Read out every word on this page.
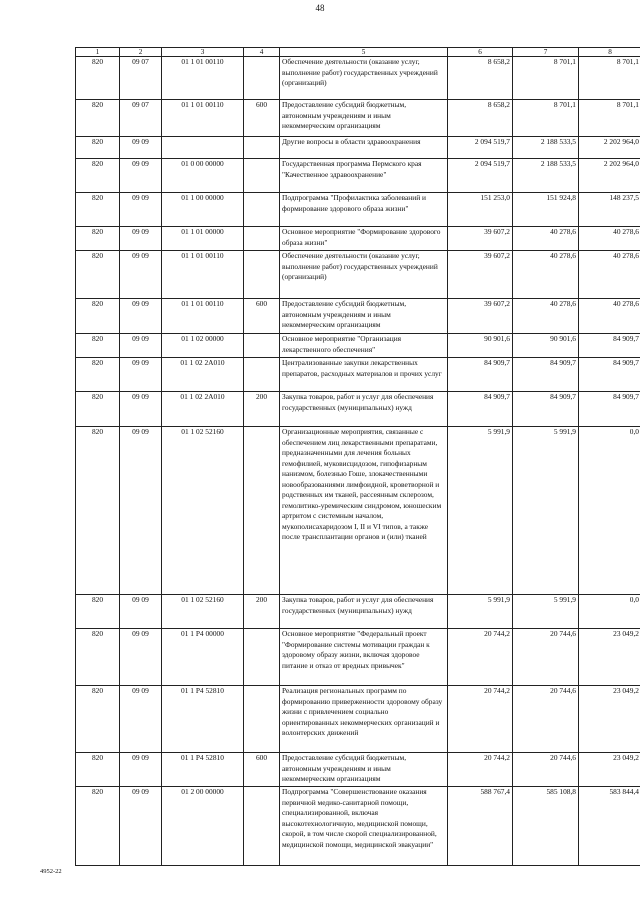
48
1	2	3	4	5	6	7	8
820	09 07	01 1 01 00110		Обеспечение деятельности (оказание услуг, выполнение работ) государственных учреждений (организаций)	8 658,2	8 701,1	8 701,1
820	09 07	01 1 01 00110	600	Предоставление субсидий бюджетным, автономным учреждениям и иным некоммерческим организациям	8 658,2	8 701,1	8 701,1
820	09 09			Другие вопросы в области здравоохранения	2 094 519,7	2 188 533,5	2 202 964,0
820	09 09	01 0 00 00000		Государственная программа Пермского края "Качественное здравоохранение"	2 094 519,7	2 188 533,5	2 202 964,0
820	09 09	01 1 00 00000		Подпрограмма "Профилактика заболеваний и формирование здорового образа жизни"	151 253,0	151 924,8	148 237,5
820	09 09	01 1 01 00000		Основное мероприятие "Формирование здорового образа жизни"	39 607,2	40 278,6	40 278,6
820	09 09	01 1 01 00110		Обеспечение деятельности (оказание услуг, выполнение работ) государственных учреждений (организаций)	39 607,2	40 278,6	40 278,6
820	09 09	01 1 01 00110	600	Предоставление субсидий бюджетным, автономным учреждениям и иным некоммерческим организациям	39 607,2	40 278,6	40 278,6
820	09 09	01 1 02 00000		Основное мероприятие "Организация лекарственного обеспечения"	90 901,6	90 901,6	84 909,7
820	09 09	01 1 02 2A010		Централизованные закупки лекарственных препаратов, расходных материалов и прочих услуг	84 909,7	84 909,7	84 909,7
820	09 09	01 1 02 2A010	200	Закупка товаров, работ и услуг для обеспечения государственных (муниципальных) нужд	84 909,7	84 909,7	84 909,7
820	09 09	01 1 02 52160		Организационные мероприятия, связанные с обеспечением лиц лекарственными препаратами, предназначенными для лечения больных гемофилией, муковисцидозом, гипофизарным нанизмом, болезнью Гоше, злокачественными новообразованиями лимфоидной, кроветворной и родственных им тканей, рассеянным склерозом, гемолитико-уремическим синдромом, юношеским артритом с системным началом, мукополисахаридозом I, II и VI типов, а также после трансплантации органов и (или) тканей	5 991,9	5 991,9	0,0
820	09 09	01 1 02 52160	200	Закупка товаров, работ и услуг для обеспечения государственных (муниципальных) нужд	5 991,9	5 991,9	0,0
820	09 09	01 1 P4 00000		Основное мероприятие "Федеральный проект "Формирование системы мотивации граждан к здоровому образу жизни, включая здоровое питание и отказ от вредных привычек"	20 744,2	20 744,6	23 049,2
820	09 09	01 1 P4 52810		Реализация региональных программ по формированию приверженности здоровому образу жизни с привлечением социально ориентированных некоммерческих организаций и волонтерских движений	20 744,2	20 744,6	23 049,2
820	09 09	01 1 P4 52810	600	Предоставление субсидий бюджетным, автономным учреждениям и иным некоммерческим организациям	20 744,2	20 744,6	23 049,2
820	09 09	01 2 00 00000		Подпрограмма "Совершенствование оказания первичной медико-санитарной помощи, специализированной, включая высокотехнологичную, медицинской помощи, скорой, в том числе скорой специализированной, медицинской помощи, медицинской эвакуации"	588 767,4	585 108,8	583 844,4
4952-22
